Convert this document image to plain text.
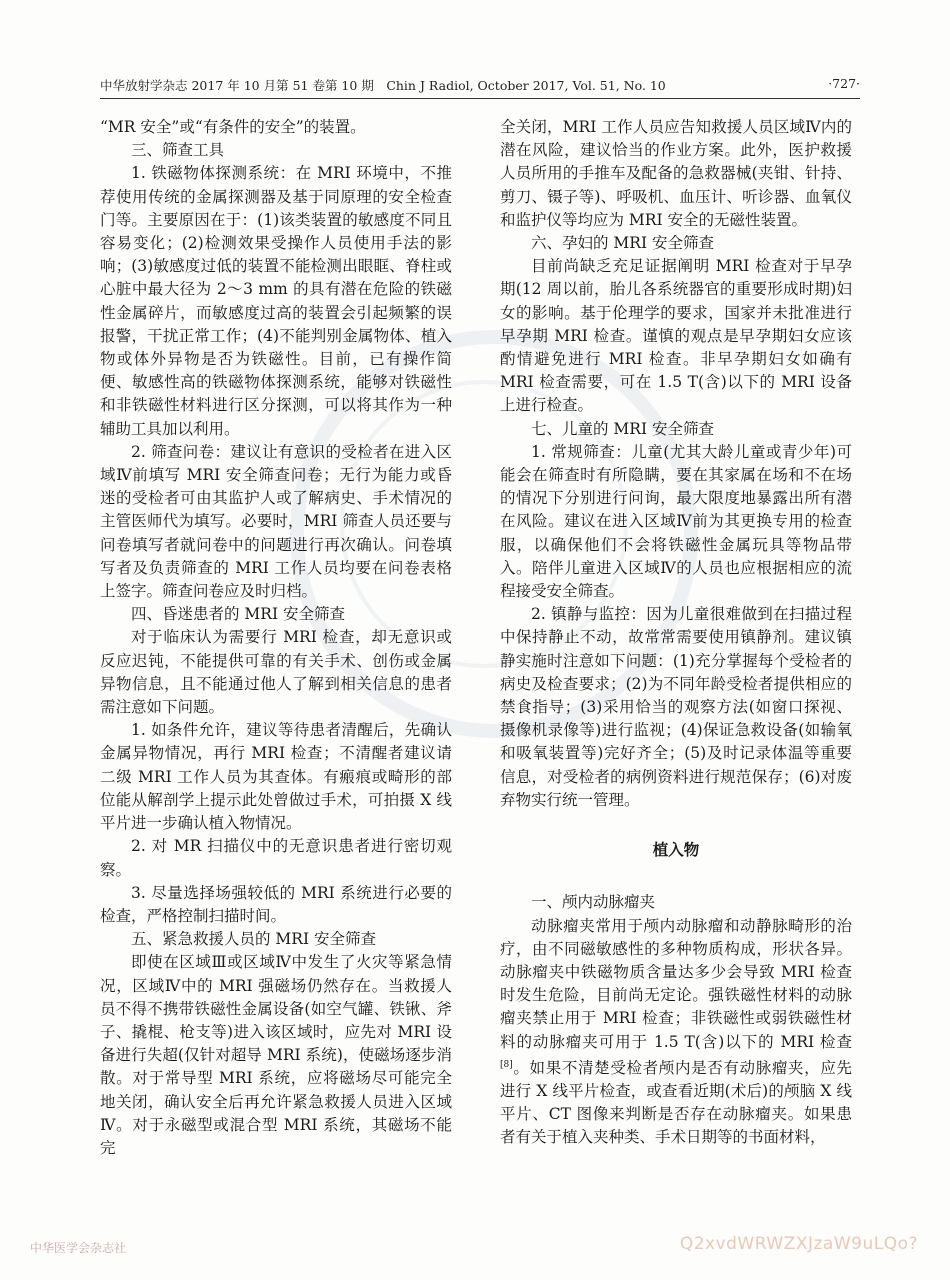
中华放射学杂志 2017 年 10 月第 51 卷第 10 期　Chin J Radiol, October 2017, Vol. 51, No. 10	·727·

“MR 安全”或“有条件的安全”的装置。

三、筛查工具

1. 铁磁物体探测系统：在 MRI 环境中，不推荐使用传统的金属探测器及基于同原理的安全检查门等。主要原因在于：(1)该类装置的敏感度不同且容易变化；(2)检测效果受操作人员使用手法的影响；(3)敏感度过低的装置不能检测出眼眶、脊柱或心脏中最大径为 2～3 mm 的具有潜在危险的铁磁性金属碎片，而敏感度过高的装置会引起频繁的误报警，干扰正常工作；(4)不能判别金属物体、植入物或体外异物是否为铁磁性。目前，已有操作简便、敏感性高的铁磁物体探测系统，能够对铁磁性和非铁磁性材料进行区分探测，可以将其作为一种辅助工具加以利用。

2. 筛查问卷：建议让有意识的受检者在进入区域Ⅳ前填写 MRI 安全筛查问卷；无行为能力或昏迷的受检者可由其监护人或了解病史、手术情况的主管医师代为填写。必要时，MRI 筛查人员还要与问卷填写者就问卷中的问题进行再次确认。问卷填写者及负责筛查的 MRI 工作人员均要在问卷表格上签字。筛查问卷应及时归档。

四、昏迷患者的 MRI 安全筛查

对于临床认为需要行 MRI 检查，却无意识或反应迟钝，不能提供可靠的有关手术、创伤或金属异物信息，且不能通过他人了解到相关信息的患者需注意如下问题。

1. 如条件允许，建议等待患者清醒后，先确认金属异物情况，再行 MRI 检查；不清醒者建议请二级 MRI 工作人员为其查体。有瘢痕或畸形的部位能从解剖学上提示此处曾做过手术，可拍摄 X 线平片进一步确认植入物情况。

2. 对 MR 扫描仪中的无意识患者进行密切观察。

3. 尽量选择场强较低的 MRI 系统进行必要的检查，严格控制扫描时间。

五、紧急救援人员的 MRI 安全筛查

即使在区域Ⅲ或区域Ⅳ中发生了火灾等紧急情况，区域Ⅳ中的 MRI 强磁场仍然存在。当救援人员不得不携带铁磁性金属设备(如空气罐、铁锹、斧子、撬棍、枪支等)进入该区域时，应先对 MRI 设备进行失超(仅针对超导 MRI 系统)，使磁场逐步消散。对于常导型 MRI 系统，应将磁场尽可能完全地关闭，确认安全后再允许紧急救援人员进入区域Ⅳ。对于永磁型或混合型 MRI 系统，其磁场不能完

全关闭，MRI 工作人员应告知救援人员区域Ⅳ内的潜在风险，建议恰当的作业方案。此外，医护救援人员所用的手推车及配备的急救器械(夹钳、针持、剪刀、镊子等)、呼吸机、血压计、听诊器、血氧仪和监护仪等均应为 MRI 安全的无磁性装置。

六、孕妇的 MRI 安全筛查

目前尚缺乏充足证据阐明 MRI 检查对于早孕期(12 周以前，胎儿各系统器官的重要形成时期)妇女的影响。基于伦理学的要求，国家并未批准进行早孕期 MRI 检查。谨慎的观点是早孕期妇女应该酌情避免进行 MRI 检查。非早孕期妇女如确有 MRI 检查需要，可在 1.5 T(含)以下的 MRI 设备上进行检查。

七、儿童的 MRI 安全筛查

1. 常规筛查：儿童(尤其大龄儿童或青少年)可能会在筛查时有所隐瞒，要在其家属在场和不在场的情况下分别进行问询，最大限度地暴露出所有潜在风险。建议在进入区域Ⅳ前为其更换专用的检查服，以确保他们不会将铁磁性金属玩具等物品带入。陪伴儿童进入区域Ⅳ的人员也应根据相应的流程接受安全筛查。

2. 镇静与监控：因为儿童很难做到在扫描过程中保持静止不动，故常常需要使用镇静剂。建议镇静实施时注意如下问题：(1)充分掌握每个受检者的病史及检查要求；(2)为不同年龄受检者提供相应的禁食指导；(3)采用恰当的观察方法(如窗口探视、摄像机录像等)进行监视；(4)保证急救设备(如输氧和吸氧装置等)完好齐全；(5)及时记录体温等重要信息，对受检者的病例资料进行规范保存；(6)对废弃物实行统一管理。

植入物

一、颅内动脉瘤夹

动脉瘤夹常用于颅内动脉瘤和动静脉畸形的治疗，由不同磁敏感性的多种物质构成，形状各异。动脉瘤夹中铁磁物质含量达多少会导致 MRI 检查时发生危险，目前尚无定论。强铁磁性材料的动脉瘤夹禁止用于 MRI 检查；非铁磁性或弱铁磁性材料的动脉瘤夹可用于 1.5 T(含)以下的 MRI 检查[8]。如果不清楚受检者颅内是否有动脉瘤夹，应先进行 X 线平片检查，或查看近期(术后)的颅脑 X 线平片、CT 图像来判断是否存在动脉瘤夹。如果患者有关于植入夹种类、手术日期等的书面材料，

中华医学会杂志社	Q2xvdWRWZXJzaW9uLQo?
